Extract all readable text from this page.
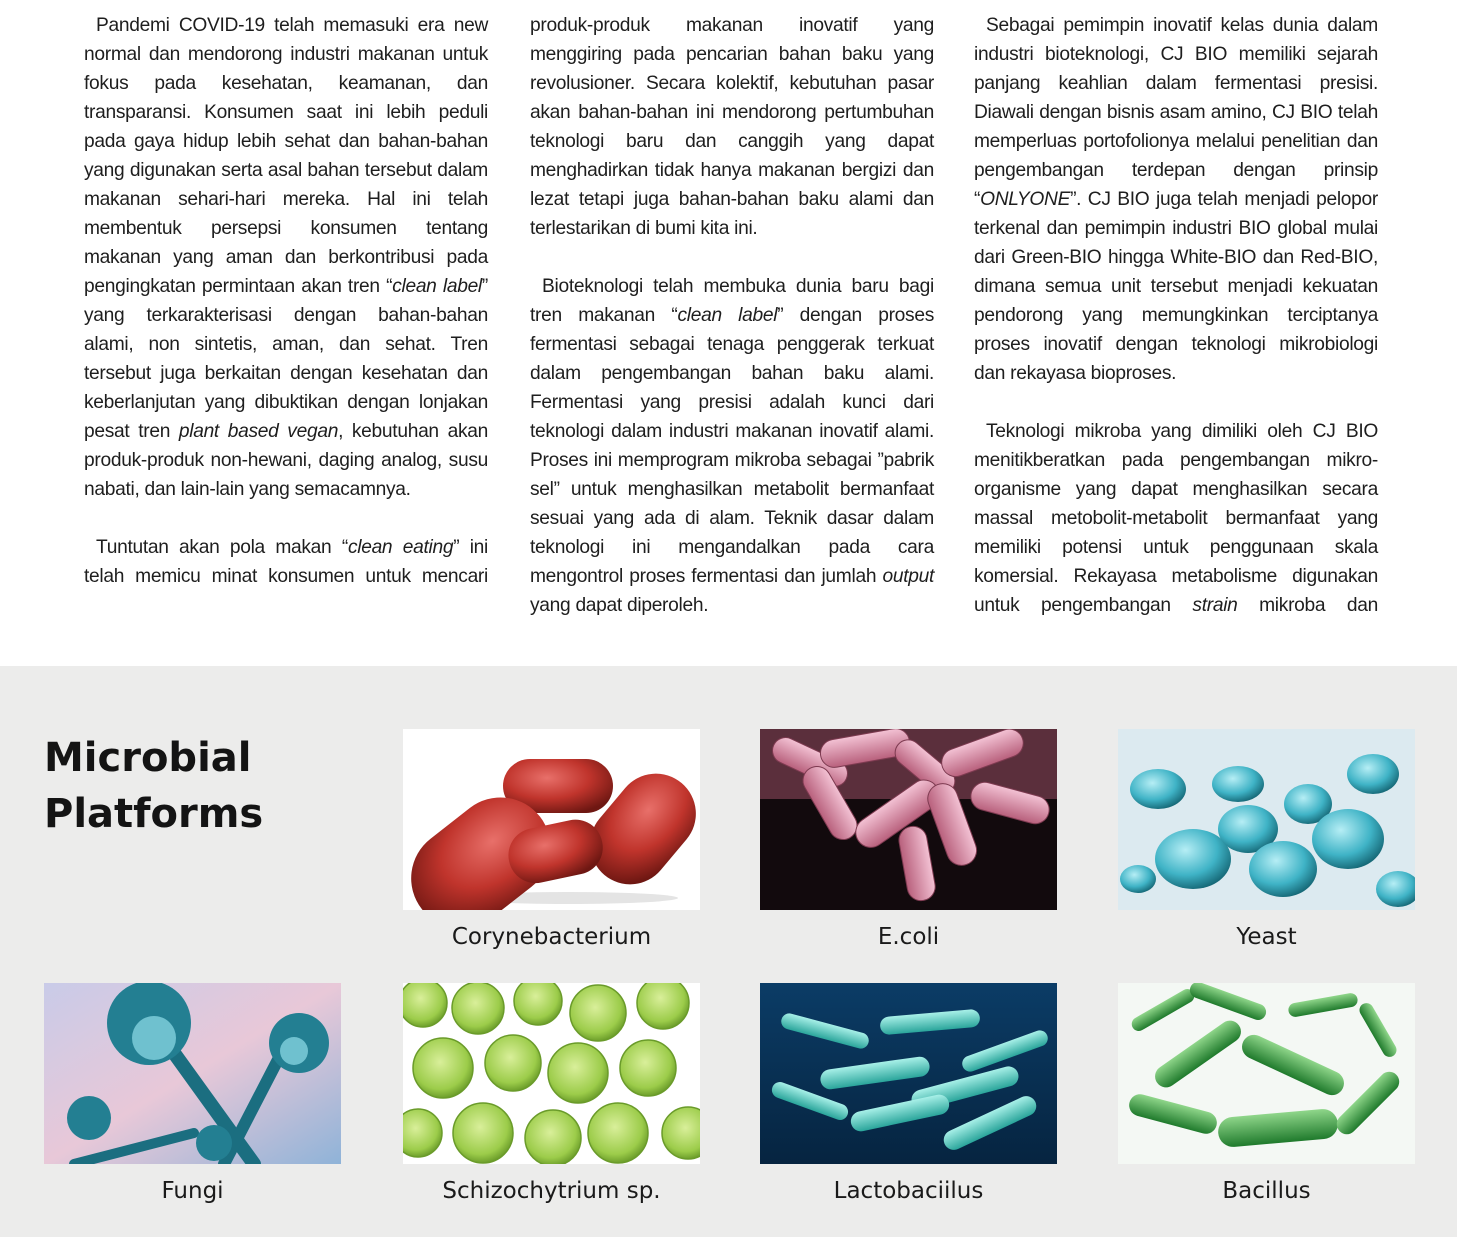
Pandemi COVID-19 telah memasuki era new normal dan mendorong industri makanan untuk fokus pada kesehatan, keamanan, dan transparansi. Konsumen saat ini lebih peduli pada gaya hidup lebih sehat dan bahan-bahan yang digunakan serta asal bahan tersebut dalam makanan sehari-hari mereka. Hal ini telah membentuk persepsi konsumen tentang makanan yang aman dan berkontribusi pada pengingkatan permintaan akan tren “clean label” yang terkarakterisasi dengan bahan-bahan alami, non sintetis, aman, dan sehat. Tren tersebut juga berkaitan dengan kesehatan dan keberlanjutan yang dibuktikan dengan lonjakan pesat tren plant based vegan, kebutuhan akan produk-produk non-hewani, daging analog, susu nabati, dan lain-lain yang semacamnya.

Tuntutan akan pola makan “clean eating” ini telah memicu minat konsumen untuk mencari

produk-produk makanan inovatif yang menggiring pada pencarian bahan baku yang revolusioner. Secara kolektif, kebutuhan pasar akan bahan-bahan ini mendorong pertumbuhan teknologi baru dan canggih yang dapat menghadirkan tidak hanya makanan bergizi dan lezat tetapi juga bahan-bahan baku alami dan terlestarikan di bumi kita ini.

Bioteknologi telah membuka dunia baru bagi tren makanan “clean label” dengan proses fermentasi sebagai tenaga penggerak terkuat dalam pengembangan bahan baku alami. Fermentasi yang presisi adalah kunci dari teknologi dalam industri makanan inovatif alami. Proses ini memprogram mikroba sebagai ”pabrik sel” untuk menghasilkan metabolit bermanfaat sesuai yang ada di alam. Teknik dasar dalam teknologi ini mengandalkan pada cara mengontrol proses fermentasi dan jumlah output yang dapat diperoleh.

Sebagai pemimpin inovatif kelas dunia dalam industri bioteknologi, CJ BIO memiliki sejarah panjang keahlian dalam fermentasi presisi. Diawali dengan bisnis asam amino, CJ BIO telah memperluas portofolionya melalui penelitian dan pengembangan terdepan dengan prinsip “ONLYONE”. CJ BIO juga telah menjadi pelopor terkenal dan pemimpin industri BIO global mulai dari Green-BIO hingga White-BIO dan Red-BIO, dimana semua unit tersebut menjadi kekuatan pendorong yang memungkinkan terciptanya proses inovatif dengan teknologi mikrobiologi dan rekayasa bioproses.

Teknologi mikroba yang dimiliki oleh CJ BIO menitikberatkan pada pengembangan mikro-organisme yang dapat menghasilkan secara massal metobolit-metabolit bermanfaat yang memiliki potensi untuk penggunaan skala komersial. Rekayasa metabolisme digunakan untuk pengembangan strain mikroba dan

Microbial
Platforms
Corynebacterium	E.coli	Yeast
Fungi	Schizochytrium sp.	Lactobaciilus	Bacillus
